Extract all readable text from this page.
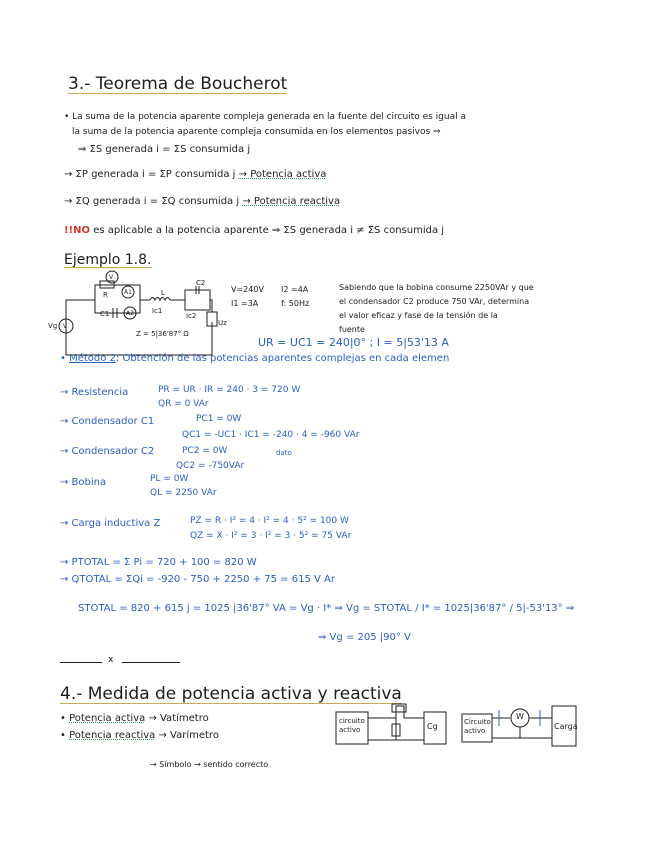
3.- Teorema de Boucherot
• La suma de la potencia aparente compleja generada en la fuente del circuito es igual a
la suma de la potencia aparente compleja consumida en los elementos pasivos ⇒
⇒ ΣS generada i = ΣS consumida j
→ ΣP generada i = ΣP consumida j → Potencia activa
→ ΣQ generada i = ΣQ consumida j → Potencia reactiva
!!NO es aplicable a la potencia aparente ⇒ ΣS generada i ≠ ΣS consumida j
Ejemplo 1.8.
V=240V
I1 =3A
I2 =4A
f: 50Hz
Sabiendo que la bobina consume 2250VAr y que
el condensador C2 produce 750 VAr, determina
el valor eficaz y fase de la tensión de la
fuente
V
V
A1
A2
Vg
R
C1
L
Ic1
C2
Ic2
Uz
Z = 5|36'87° Ω
UR = UC1 = 240|0° ; I = 5|53'13 A
• Método 2: Obtención de las potencias aparentes complejas en cada elemen
→ Resistencia	PR = UR · IR = 240 · 3 = 720 W
QR = 0 VAr
→ Condensador C1	PC1 = 0W
QC1 = -UC1 · IC1 = -240 · 4 = -960 VAr
→ Condensador C2	PC2 = 0W
QC2 = -750VAr
dato
→ Bobina	PL = 0W
QL = 2250 VAr
→ Carga inductiva Z	PZ = R · I² = 4 · I² = 4 · 5² = 100 W
QZ = X · I² = 3 · I² = 3 · 5² = 75 VAr
→ PTOTAL = Σ Pi = 720 + 100 = 820 W
→ QTOTAL = ΣQi = -920 - 750 + 2250 + 75 = 615 V Ar
STOTAL = 820 + 615 j = 1025 |36'87° VA = Vg · I* ⇒ Vg = STOTAL / I* = 1025|36'87° / 5|-53'13° ⇒
⇒ Vg = 205 |90° V
x
4.- Medida de potencia activa y reactiva
• Potencia activa → Vatímetro
• Potencia reactiva → Varímetro
→ Símbolo → sentido correcto
circuito activo	Cg	Circuito activo
W
Carga
